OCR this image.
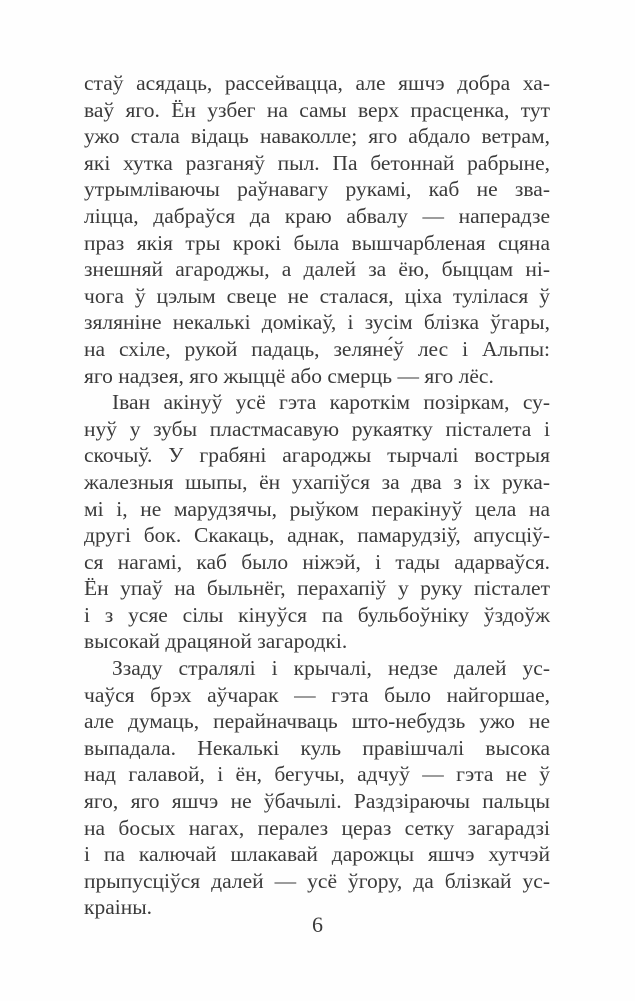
стаў асядаць, рассейвацца, але яшчэ добра ха-
ваў яго. Ён узбег на самы верх прасценка, тут
ужо стала відаць наваколле; яго абдало ветрам,
які хутка разганяў пыл. Па бетоннай рабрыне,
утрымліваючы раўнавагу рукамі, каб не зва-
ліцца, дабраўся да краю абвалу — наперадзе
праз якія тры крокі была вышчарбленая сцяна
знешняй агароджы, а далей за ёю, быццам ні-
чога ў цэлым свеце не сталася, ціха тулілася ў
зяляніне некалькі домікаў, і зусім блізка ўгары,
на схіле, рукой падаць, зеляне́ў лес і Альпы:
яго надзея, яго жыццё або смерць — яго лёс.
Іван акінуў усё гэта кароткім позіркам, су-
нуў у зубы пластмасавую рукаятку пісталета і
скочыў. У грабяні агароджы тырчалі вострыя
жалезныя шыпы, ён ухапіўся за два з іх рука-
мі і, не марудзячы, рыўком перакінуў цела на
другі бок. Скакаць, аднак, памарудзіў, апусціў-
ся нагамі, каб было ніжэй, і тады адарваўся.
Ён упаў на быльнёг, перахапіў у руку пісталет
і з усяе сілы кінуўся па бульбоўніку ўздоўж
высокай драцяной загародкі.
Ззаду стралялі і крычалі, недзе далей ус-
чаўся брэх аўчарак — гэта было найгоршае,
але думаць, перайначваць што-небудзь ужо не
выпадала. Некалькі куль правішчалі высока
над галавой, і ён, бегучы, адчуў — гэта не ў
яго, яго яшчэ не ўбачылі. Раздзіраючы пальцы
на босых нагах, пералез цераз сетку загарадзі
і па калючай шлакавай дарожцы яшчэ хутчэй
прыпусціўся далей — усё ўгору, да блізкай ус-
краіны.
6
